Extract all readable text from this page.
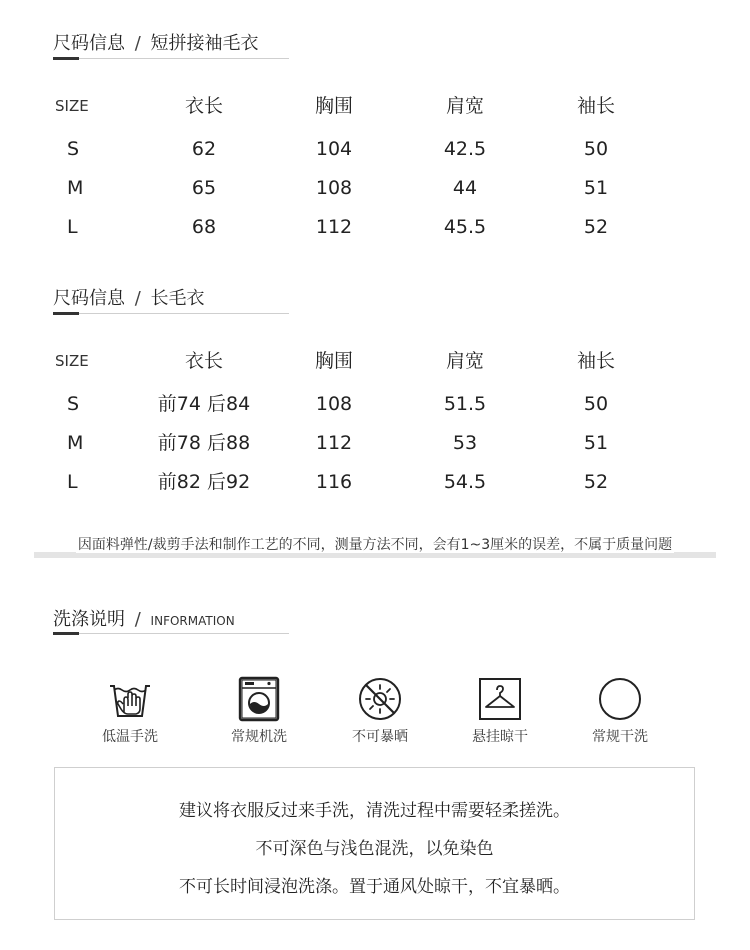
尺码信息 / 短拼接袖毛衣
SIZE	衣长	胸围	肩宽	袖长
S	62	104	42.5	50
M	65	108	44	51
L	68	112	45.5	52
尺码信息 / 长毛衣
SIZE	衣长	胸围	肩宽	袖长
S	前74 后84	108	51.5	50
M	前78 后88	112	53	51
L	前82 后92	116	54.5	52
因面料弹性/裁剪手法和制作工艺的不同，测量方法不同，会有1~3厘米的误差，不属于质量问题
洗涤说明 / INFORMATION
低温手洗	常规机洗	不可暴晒	悬挂晾干	常规干洗
建议将衣服反过来手洗，清洗过程中需要轻柔搓洗。
不可深色与浅色混洗，以免染色
不可长时间浸泡洗涤。置于通风处晾干，不宜暴晒。
